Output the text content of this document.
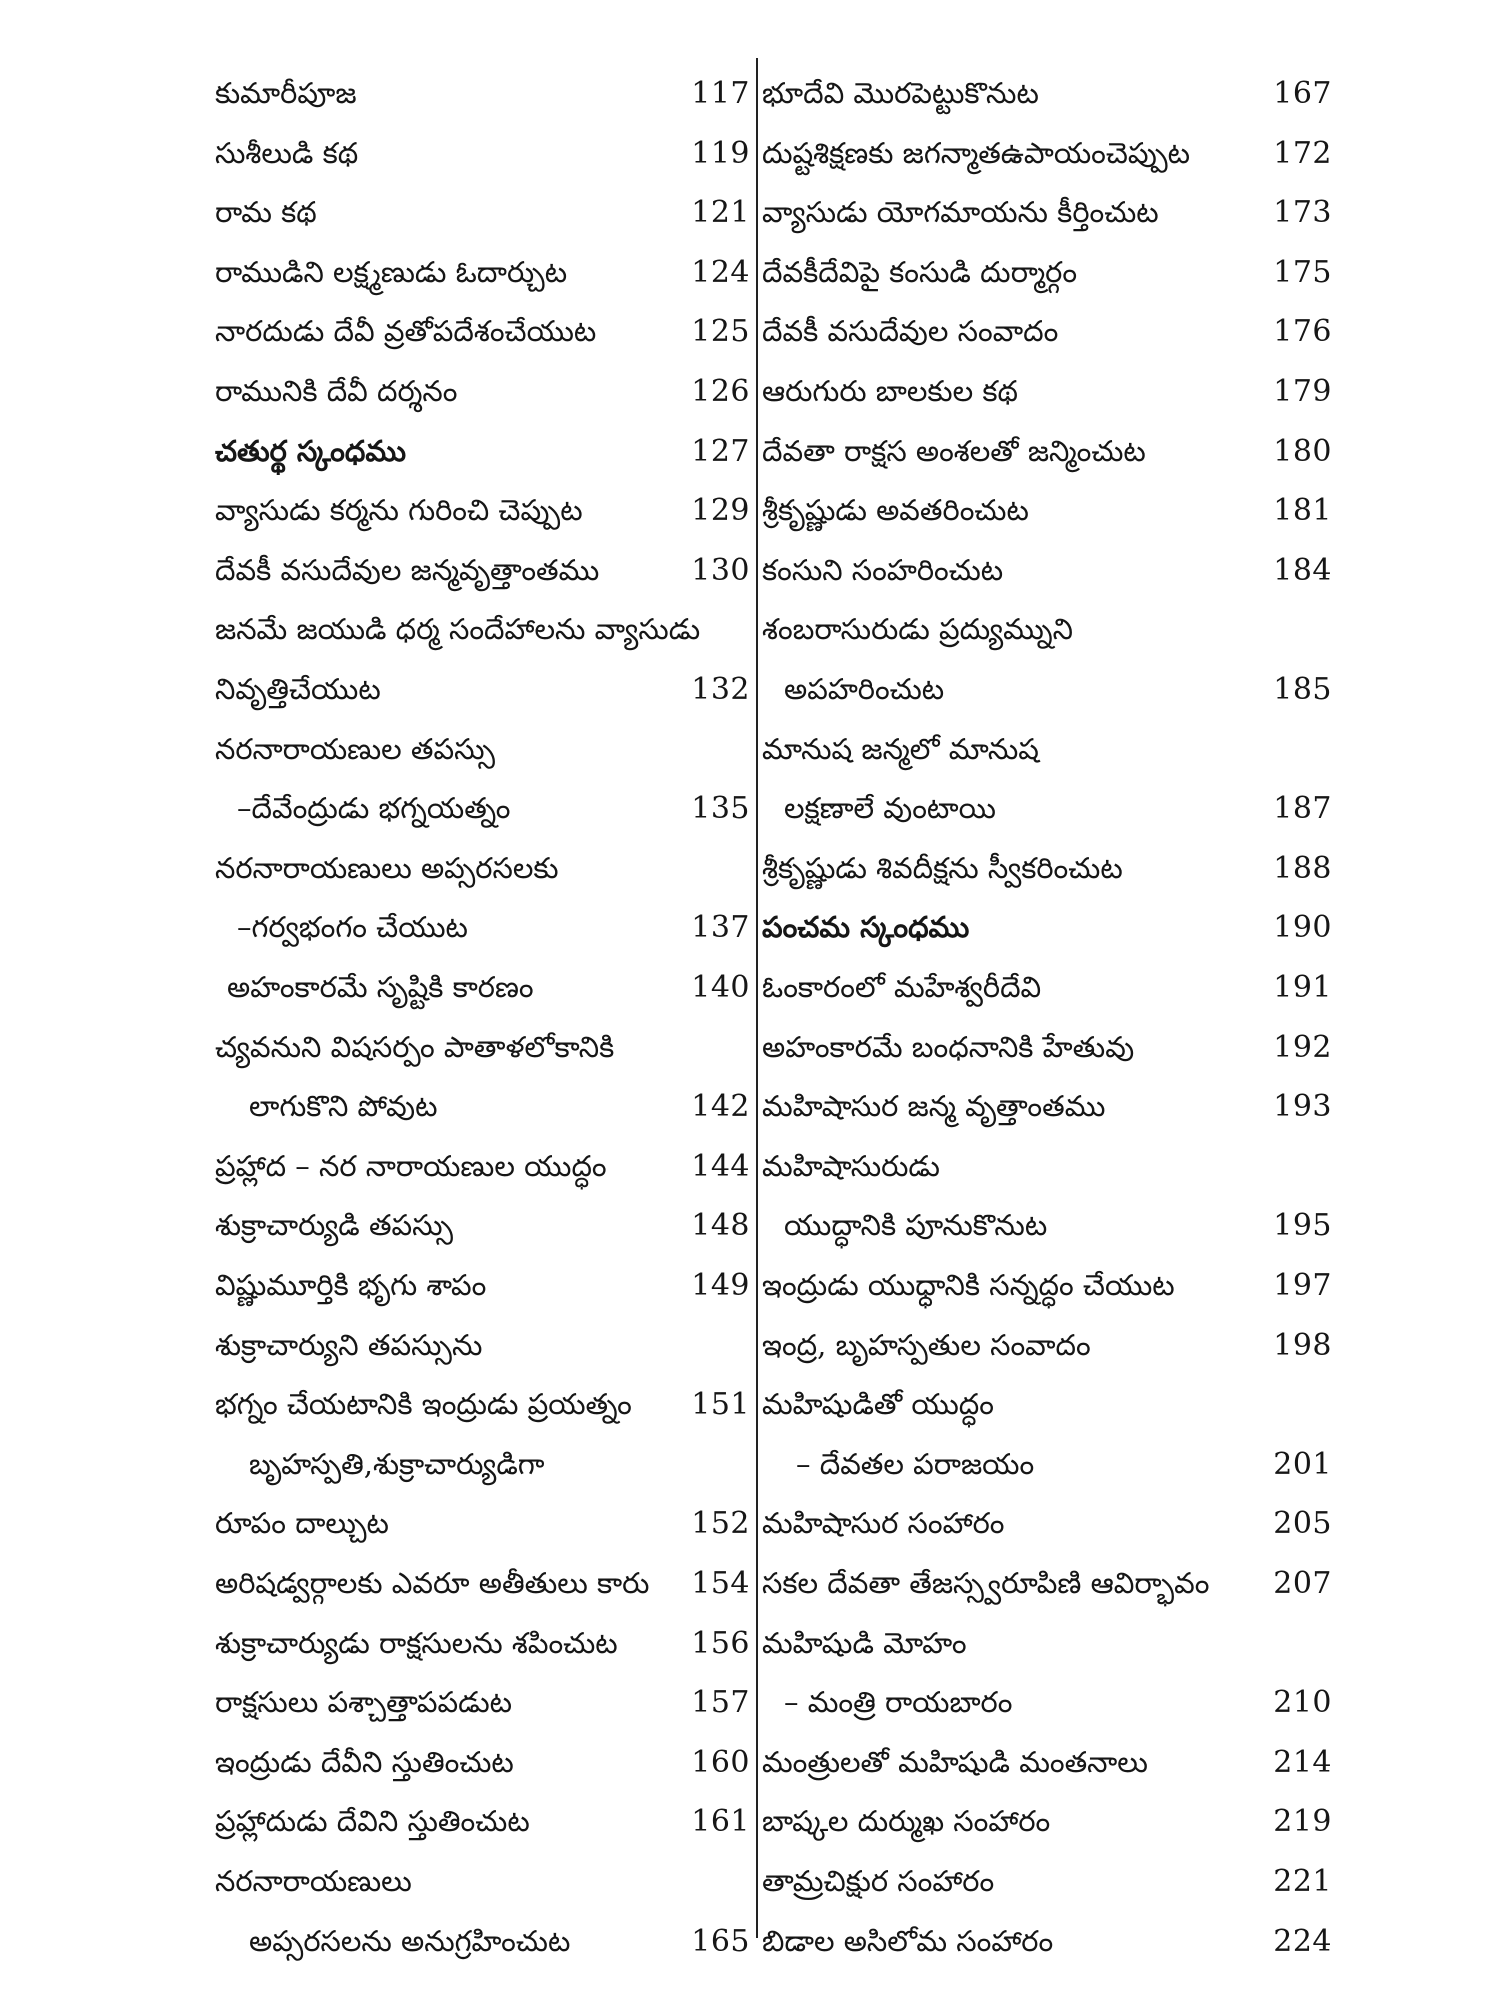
కుమారీపూజ	117
సుశీలుడి కథ	119
రామ కథ	121
రాముడిని లక్ష్మణుడు ఓదార్చుట	124
నారదుడు దేవీ వ్రతోపదేశంచేయుట	125
రామునికి దేవీ దర్శనం	126
చతుర్థ స్కంధము	127
వ్యాసుడు కర్మను గురించి చెప్పుట	129
దేవకీ వసుదేవుల జన్మవృత్తాంతము	130
జనమే జయుడి ధర్మ సందేహాలను వ్యాసుడు
నివృత్తిచేయుట	132
నరనారాయణుల తపస్సు
–దేవేంద్రుడు భగ్నయత్నం	135
నరనారాయణులు అప్సరసలకు
–గర్వభంగం చేయుట	137
అహంకారమే సృష్టికి కారణం	140
చ్యవనుని విషసర్పం పాతాళలోకానికి
లాగుకొని పోవుట	142
ప్రహ్లాద – నర నారాయణుల యుద్ధం	144
శుక్రాచార్యుడి తపస్సు	148
విష్ణుమూర్తికి భృగు శాపం	149
శుక్రాచార్యుని తపస్సును
భగ్నం చేయటానికి ఇంద్రుడు ప్రయత్నం 151
బృహస్పతి,శుక్రాచార్యుడిగా
రూపం దాల్చుట	152
అరిషడ్వర్గాలకు ఎవరూ అతీతులు కారు 154
శుక్రాచార్యుడు రాక్షసులను శపించుట 156
రాక్షసులు పశ్చాత్తాపపడుట	157
ఇంద్రుడు దేవీని స్తుతించుట	160
ప్రహ్లాదుడు దేవిని స్తుతించుట	161
నరనారాయణులు
అప్సరసలను అనుగ్రహించుట	165
భూదేవి మొరపెట్టుకొనుట	167
దుష్టశిక్షణకు జగన్మాతఉపాయంచెప్పుట	172
వ్యాసుడు యోగమాయను కీర్తించుట	173
దేవకీదేవిపై కంసుడి దుర్మార్గం	175
దేవకీ వసుదేవుల సంవాదం	176
ఆరుగురు బాలకుల కథ	179
దేవతా రాక్షస అంశలతో జన్మించుట	180
శ్రీకృష్ణుడు అవతరించుట	181
కంసుని సంహరించుట	184
శంబరాసురుడు ప్రద్యుమ్నుని
అపహరించుట	185
మానుష జన్మలో మానుష
లక్షణాలే వుంటాయి	187
శ్రీకృష్ణుడు శివదీక్షను స్వీకరించుట	188
పంచమ స్కంధము	190
ఓంకారంలో మహేశ్వరీదేవి	191
అహంకారమే బంధనానికి హేతువు	192
మహిషాసుర జన్మ వృత్తాంతము	193
మహిషాసురుడు
యుద్ధానికి పూనుకొనుట	195
ఇంద్రుడు యుధ్ధానికి సన్నద్ధం చేయుట	197
ఇంద్ర, బృహస్పతుల సంవాదం	198
మహిషుడితో యుద్ధం
– దేవతల పరాజయం	201
మహిషాసుర సంహారం	205
సకల దేవతా తేజస్స్వరూపిణి ఆవిర్భావం 207
మహిషుడి మోహం
– మంత్రి రాయబారం	210
మంత్రులతో మహిషుడి మంతనాలు	214
బాష్కల దుర్ముఖ సంహారం	219
తామ్రచిక్షుర సంహారం	221
బిడాల అసిలోమ సంహారం	224
